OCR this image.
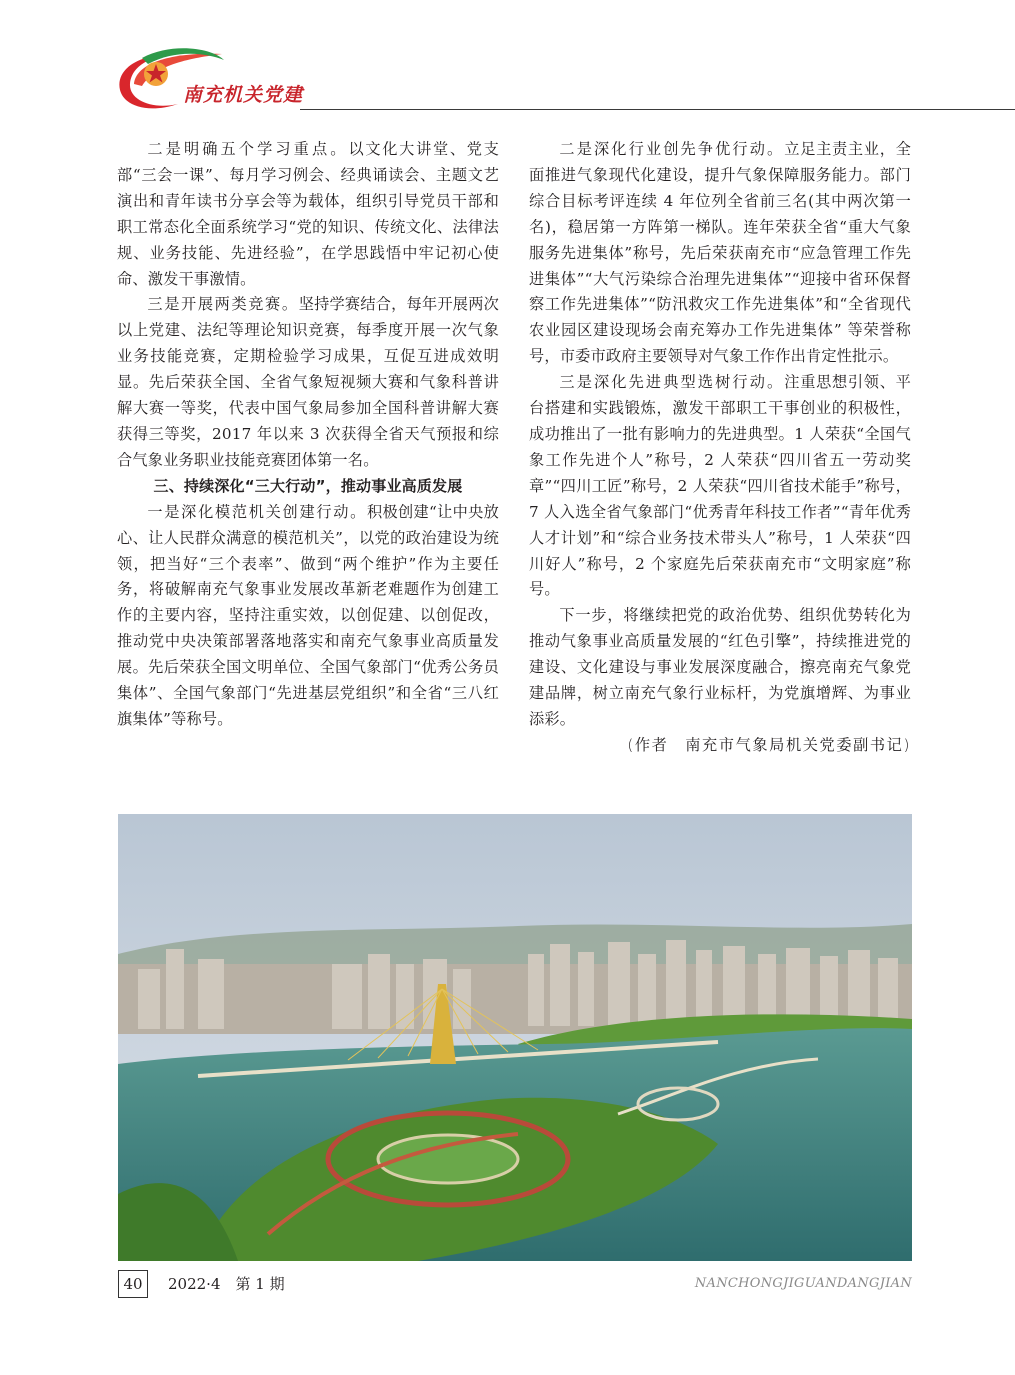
南充机关党建

二是明确五个学习重点。以文化大讲堂、党支部“三会一课”、每月学习例会、经典诵读会、主题文艺演出和青年读书分享会等为载体，组织引导党员干部和职工常态化全面系统学习“党的知识、传统文化、法律法规、业务技能、先进经验”，在学思践悟中牢记初心使命、激发干事激情。

三是开展两类竞赛。坚持学赛结合，每年开展两次以上党建、法纪等理论知识竞赛，每季度开展一次气象业务技能竞赛，定期检验学习成果，互促互进成效明显。先后荣获全国、全省气象短视频大赛和气象科普讲解大赛一等奖，代表中国气象局参加全国科普讲解大赛获得三等奖，2017 年以来 3 次获得全省天气预报和综合气象业务职业技能竞赛团体第一名。

三、持续深化“三大行动”，推动事业高质发展

一是深化模范机关创建行动。积极创建“让中央放心、让人民群众满意的模范机关”，以党的政治建设为统领，把当好“三个表率”、做到“两个维护”作为主要任务，将破解南充气象事业发展改革新老难题作为创建工作的主要内容，坚持注重实效，以创促建、以创促改，推动党中央决策部署落地落实和南充气象事业高质量发展。先后荣获全国文明单位、全国气象部门“优秀公务员集体”、全国气象部门“先进基层党组织”和全省“三八红旗集体”等称号。

二是深化行业创先争优行动。立足主责主业，全面推进气象现代化建设，提升气象保障服务能力。部门综合目标考评连续 4 年位列全省前三名(其中两次第一名)，稳居第一方阵第一梯队。连年荣获全省“重大气象服务先进集体”称号，先后荣获南充市“应急管理工作先进集体”“大气污染综合治理先进集体”“迎接中省环保督察工作先进集体”“防汛救灾工作先进集体”和“全省现代农业园区建设现场会南充筹办工作先进集体” 等荣誉称号，市委市政府主要领导对气象工作作出肯定性批示。

三是深化先进典型选树行动。注重思想引领、平台搭建和实践锻炼，激发干部职工干事创业的积极性，成功推出了一批有影响力的先进典型。1 人荣获“全国气象工作先进个人”称号，2 人荣获“四川省五一劳动奖章”“四川工匠”称号，2 人荣获“四川省技术能手”称号，7 人入选全省气象部门“优秀青年科技工作者”“青年优秀人才计划”和“综合业务技术带头人”称号，1 人荣获“四川好人”称号，2 个家庭先后荣获南充市“文明家庭”称号。

下一步，将继续把党的政治优势、组织优势转化为推动气象事业高质量发展的“红色引擎”，持续推进党的建设、文化建设与事业发展深度融合，擦亮南充气象党建品牌，树立南充气象行业标杆，为党旗增辉、为事业添彩。

(作者　南充市气象局机关党委副书记)

40	2022·4　第 1 期	NANCHONGJIGUANDANGJIAN
